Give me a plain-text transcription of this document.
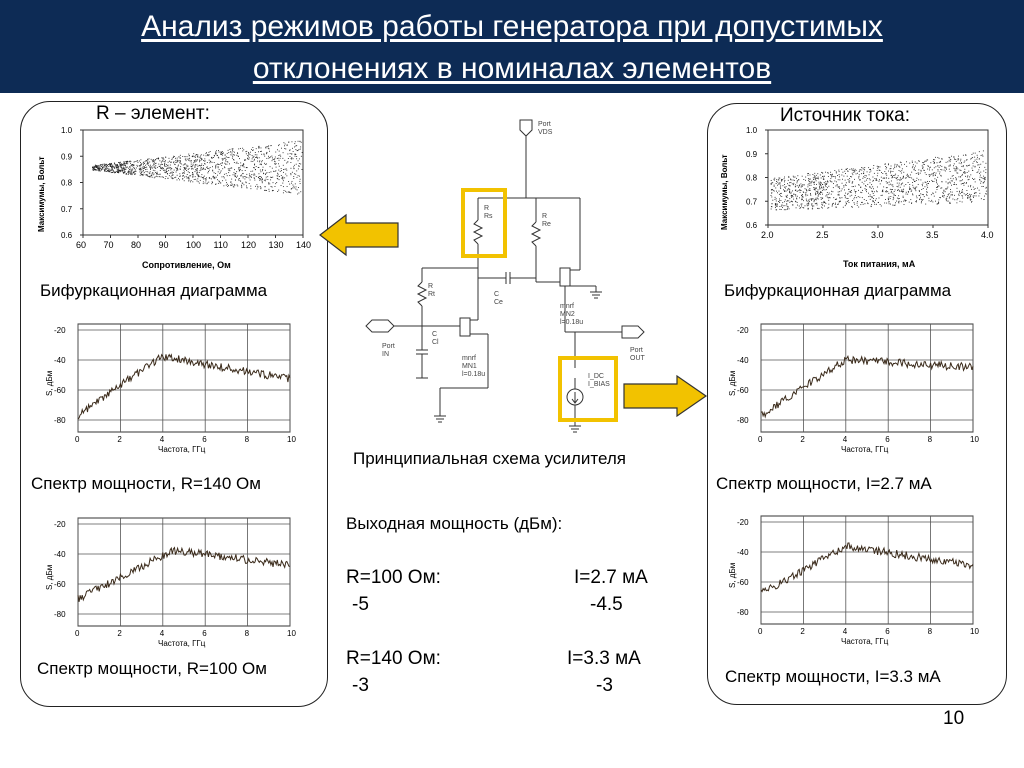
Анализ режимов работы генератора при допустимых
отклонениях в номиналах элементов
R – элемент:
60 70 80 90 100 110 120 130 140
1.0
0.9
0.8
0.7
0.6
Максимумы, Вольт
Сопротивление, Ом
Бифуркационная диаграмма
-20
-40
-60
-80
0	2	4	6	8	10
S, дБм
Частота, ГГц
Спектр мощности, R=140 Ом
-20
-40
-60
-80
0	2	4	6	8	10
S, дБм
Частота, ГГц
Спектр мощности, R=100 Ом
Источник тока:
2.0	2.5	3.0	3.5	4.0
1.0
0.9
0.8
0.7
0.6
Максимумы, Вольт
Ток питания, мА
Бифуркационная диаграмма
-20
-40
-60
-80
0	2	4	6	8	10
S, дБм
Частота, ГГц
Спектр мощности, I=2.7 мА
-20
-40
-60
-80
0	2	4	6	8	10
S, дБм
Частота, ГГц
Спектр мощности, I=3.3 мА
Port
VDS
R
Rs	R
Re
R
Rt	C
Ce
C
Cl
Port
IN
mnrf
MN1
l=0.18u
mnrf
MN2
l=0.18u
Port
OUT
I_DC
I_BIAS
Принципиальная схема усилителя
Выходная мощность (дБм):
R=100 Ом:
-5
I=2.7 мА
-4.5
R=140 Ом:
-3
I=3.3 мА
-3
10
